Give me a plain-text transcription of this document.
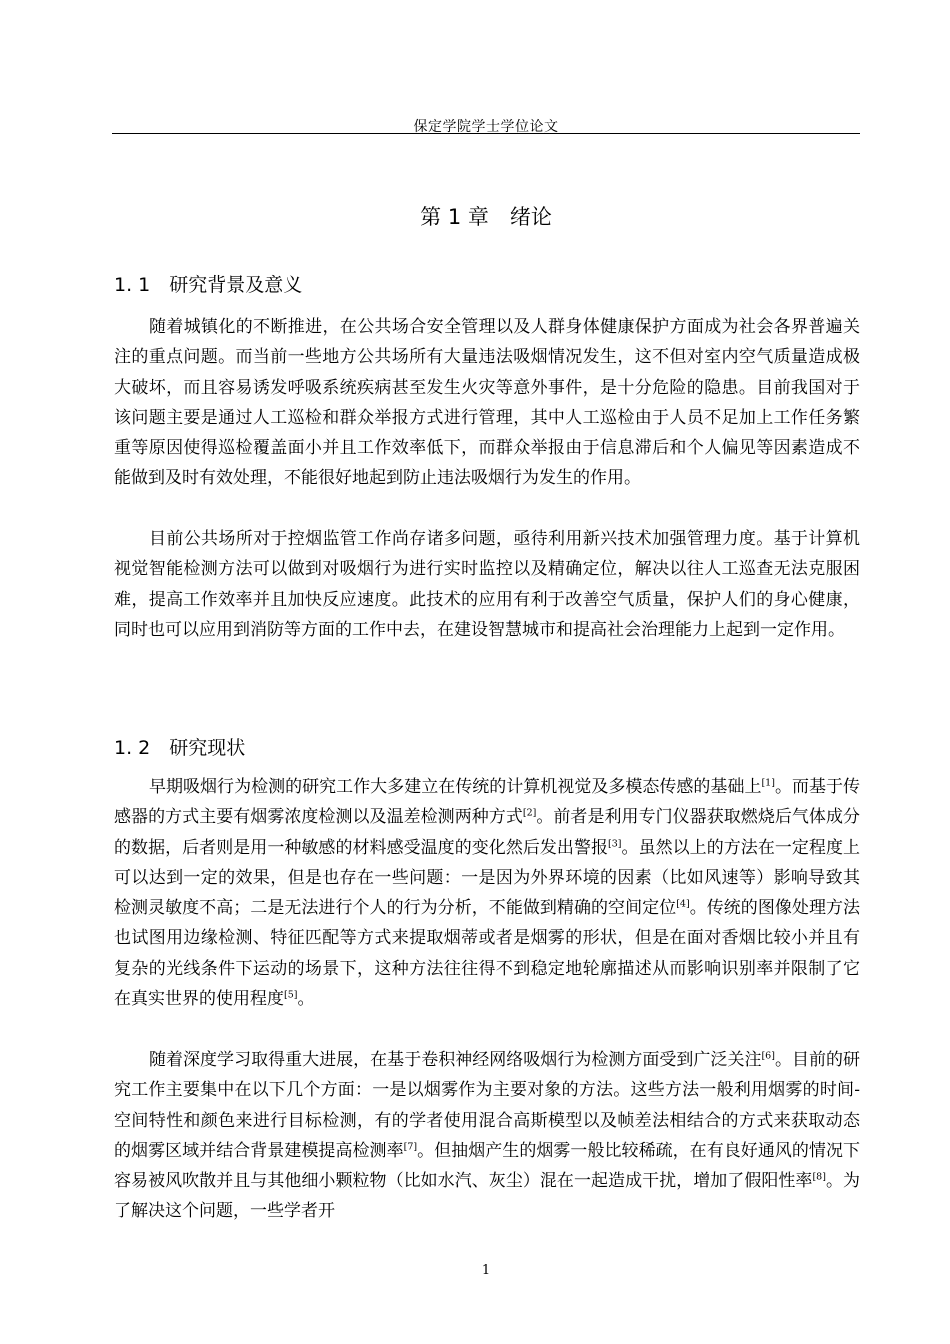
保定学院学士学位论文
第 1 章　绪论
1. 1　研究背景及意义

随着城镇化的不断推进，在公共场合安全管理以及人群身体健康保护方面成为社会各界普遍关注的重点问题。而当前一些地方公共场所有大量违法吸烟情况发生，这不但对室内空气质量造成极大破坏，而且容易诱发呼吸系统疾病甚至发生火灾等意外事件，是十分危险的隐患。目前我国对于该问题主要是通过人工巡检和群众举报方式进行管理，其中人工巡检由于人员不足加上工作任务繁重等原因使得巡检覆盖面小并且工作效率低下，而群众举报由于信息滞后和个人偏见等因素造成不能做到及时有效处理，不能很好地起到防止违法吸烟行为发生的作用。

目前公共场所对于控烟监管工作尚存诸多问题，亟待利用新兴技术加强管理力度。基于计算机视觉智能检测方法可以做到对吸烟行为进行实时监控以及精确定位，解决以往人工巡查无法克服困难，提高工作效率并且加快反应速度。此技术的应用有利于改善空气质量，保护人们的身心健康，同时也可以应用到消防等方面的工作中去，在建设智慧城市和提高社会治理能力上起到一定作用。

1. 2　研究现状

早期吸烟行为检测的研究工作大多建立在传统的计算机视觉及多模态传感的基础上[1]。而基于传感器的方式主要有烟雾浓度检测以及温差检测两种方式[2]。前者是利用专门仪器获取燃烧后气体成分的数据，后者则是用一种敏感的材料感受温度的变化然后发出警报[3]。虽然以上的方法在一定程度上可以达到一定的效果，但是也存在一些问题：一是因为外界环境的因素（比如风速等）影响导致其检测灵敏度不高；二是无法进行个人的行为分析，不能做到精确的空间定位[4]。传统的图像处理方法也试图用边缘检测、特征匹配等方式来提取烟蒂或者是烟雾的形状，但是在面对香烟比较小并且有复杂的光线条件下运动的场景下，这种方法往往得不到稳定地轮廓描述从而影响识别率并限制了它在真实世界的使用程度[5]。

随着深度学习取得重大进展，在基于卷积神经网络吸烟行为检测方面受到广泛关注[6]。目前的研究工作主要集中在以下几个方面：一是以烟雾作为主要对象的方法。这些方法一般利用烟雾的时间-空间特性和颜色来进行目标检测，有的学者使用混合高斯模型以及帧差法相结合的方式来获取动态的烟雾区域并结合背景建模提高检测率[7]。但抽烟产生的烟雾一般比较稀疏，在有良好通风的情况下容易被风吹散并且与其他细小颗粒物（比如水汽、灰尘）混在一起造成干扰，增加了假阳性率[8]。为了解决这个问题，一些学者开

1
